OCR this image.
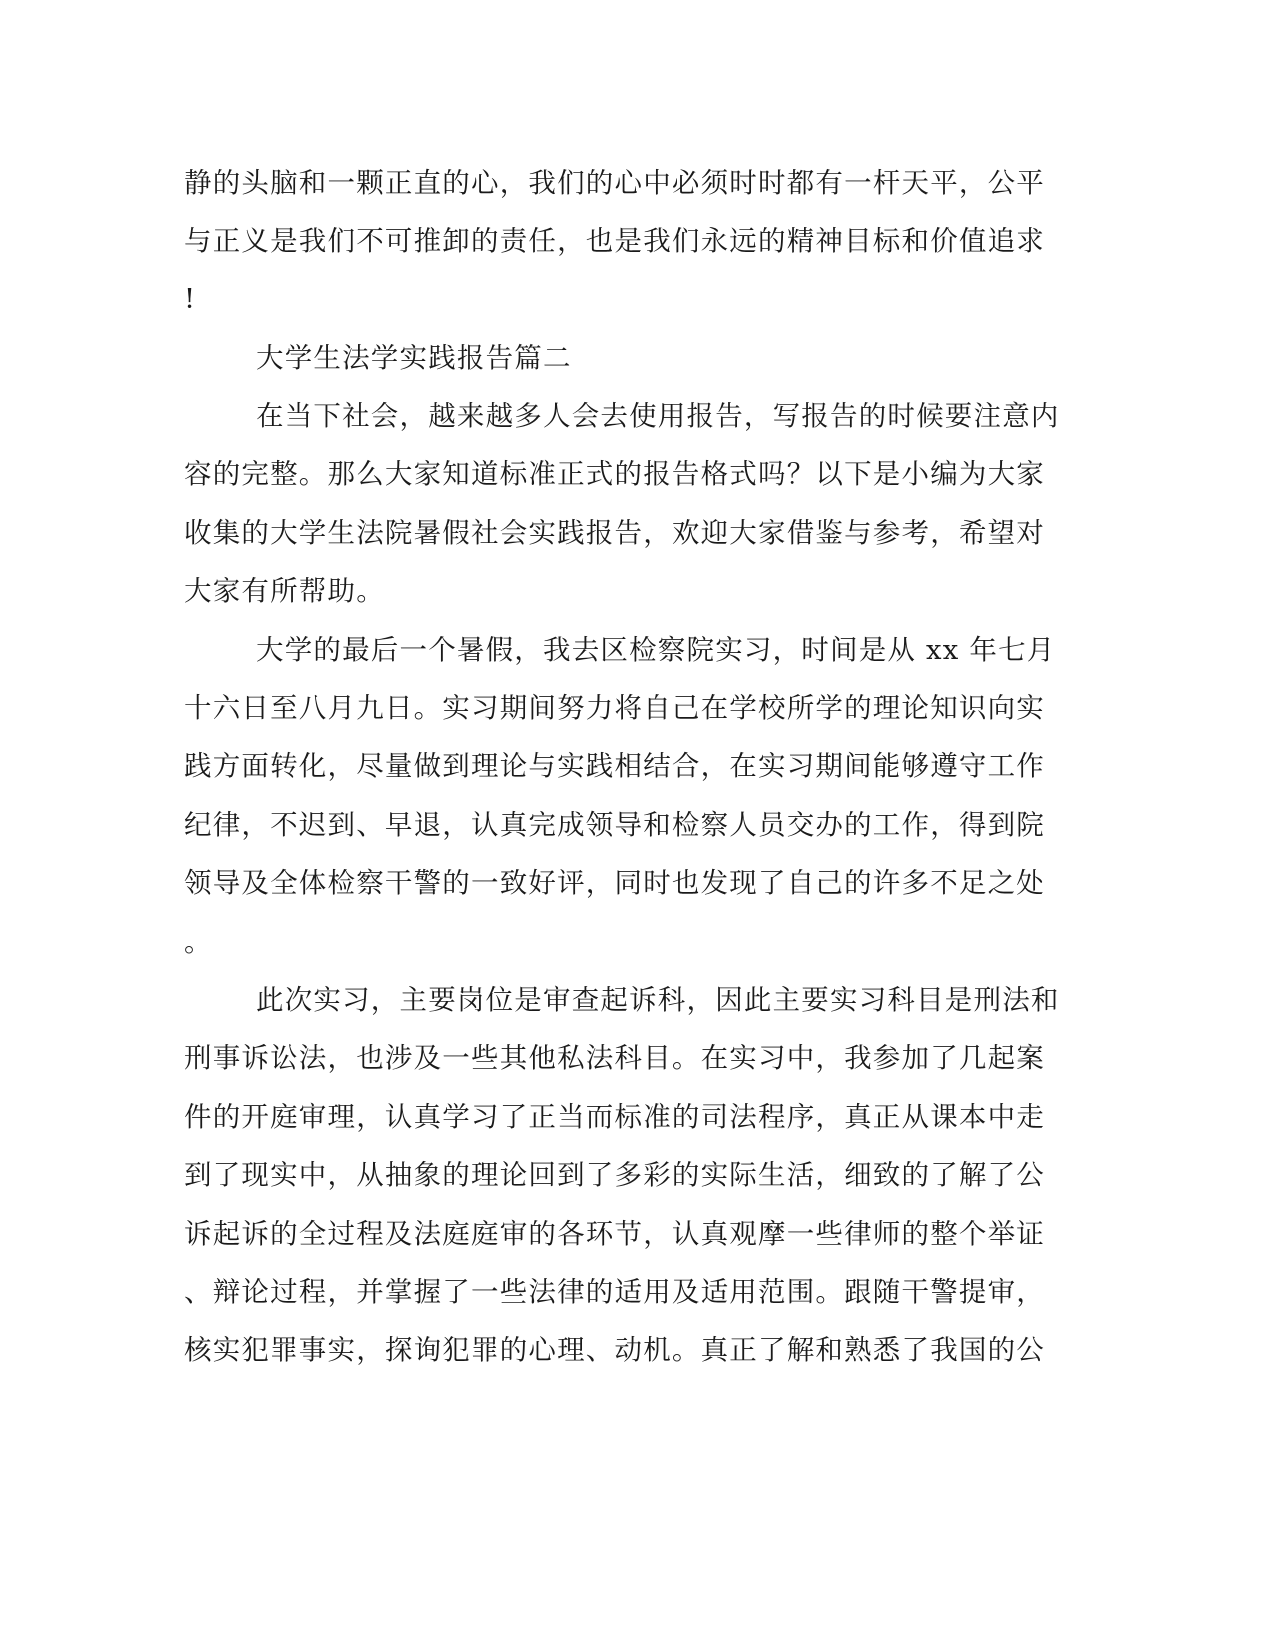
静的头脑和一颗正直的心，我们的心中必须时时都有一杆天平，公平
与正义是我们不可推卸的责任，也是我们永远的精神目标和价值追求
!
大学生法学实践报告篇二
在当下社会，越来越多人会去使用报告，写报告的时候要注意内
容的完整。那么大家知道标准正式的报告格式吗？以下是小编为大家
收集的大学生法院暑假社会实践报告，欢迎大家借鉴与参考，希望对
大家有所帮助。
大学的最后一个暑假，我去区检察院实习，时间是从 xx 年七月
十六日至八月九日。实习期间努力将自己在学校所学的理论知识向实
践方面转化，尽量做到理论与实践相结合，在实习期间能够遵守工作
纪律，不迟到、早退，认真完成领导和检察人员交办的工作，得到院
领导及全体检察干警的一致好评，同时也发现了自己的许多不足之处
。
此次实习，主要岗位是审查起诉科，因此主要实习科目是刑法和
刑事诉讼法，也涉及一些其他私法科目。在实习中，我参加了几起案
件的开庭审理，认真学习了正当而标准的司法程序，真正从课本中走
到了现实中，从抽象的理论回到了多彩的实际生活，细致的了解了公
诉起诉的全过程及法庭庭审的各环节，认真观摩一些律师的整个举证
、辩论过程，并掌握了一些法律的适用及适用范围。跟随干警提审，
核实犯罪事实，探询犯罪的心理、动机。真正了解和熟悉了我国的公
